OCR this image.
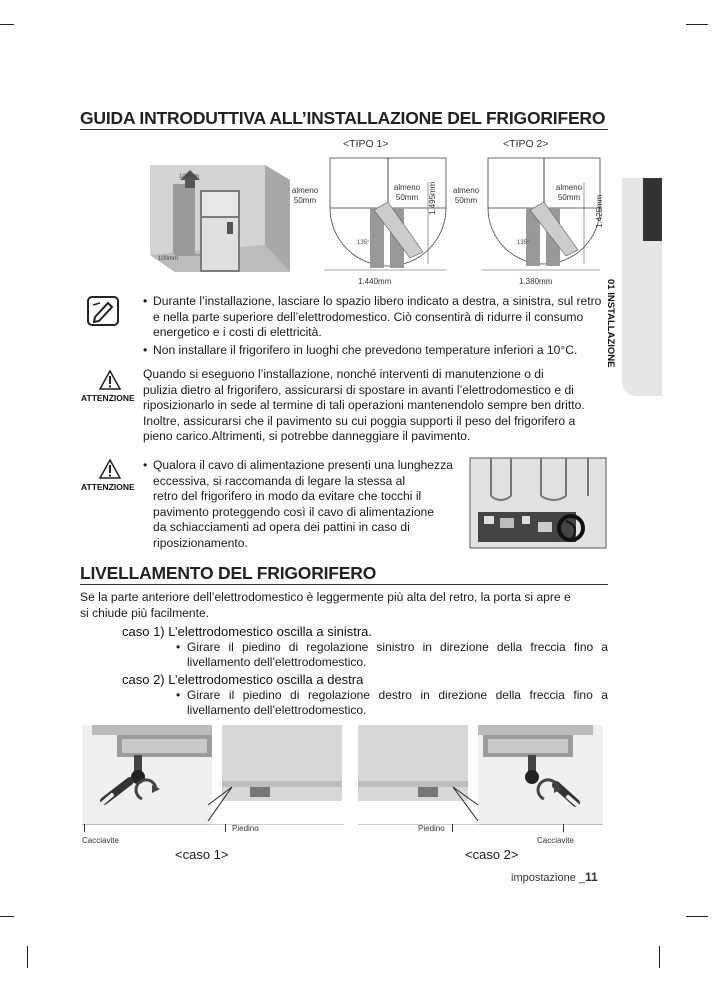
GUIDA INTRODUTTIVA ALL’INSTALLAZIONE DEL FRIGORIFERO
01 INSTALLAZIONE
100mm
100mm
<TIPO 1>	<TIPO 2>
almeno
50mm
almeno
50mm
135°
1.495mm
1.440mm
almeno
50mm
almeno
50mm
135°
1.425mm
1.380mm
• Durante l’installazione, lasciare lo spazio libero indicato a destra, a sinistra, sul retro e nella parte superiore dell’elettrodomestico. Ciò consentirà di ridurre il consumo energetico e i costi di elettricità.
• Non installare il frigorifero in luoghi che prevedono temperature inferiori a 10°C.
ATTENZIONE
Quando si eseguono l’installazione, nonché interventi di manutenzione o di
pulizia dietro al frigorifero, assicurarsi di spostare in avanti l’elettrodomestico e di
riposizionarlo in sede al termine di tali operazioni mantenendolo sempre ben dritto.
Inoltre, assicurarsi che il pavimento su cui poggia supporti il peso del frigorifero a
pieno carico.Altrimenti, si potrebbe danneggiare il pavimento.
ATTENZIONE
• Qualora il cavo di alimentazione presenti una lunghezza
eccessiva, si raccomanda di legare la stessa al
retro del frigorifero in modo da evitare che tocchi il
pavimento proteggendo così il cavo di alimentazione
da schiacciamenti ad opera dei pattini in caso di
riposizionamento.
LIVELLAMENTO DEL FRIGORIFERO
Se la parte anteriore dell’elettrodomestico è leggermente più alta del retro, la porta si apre e
si chiude più facilmente.
caso 1) L’elettrodomestico oscilla a sinistra.
• Girare il piedino di regolazione sinistro in direzione della freccia fino a livellamento dell’elettrodomestico.
caso 2) L’elettrodomestico oscilla a destra
• Girare il piedino di regolazione destro in direzione della freccia fino a livellamento dell’elettrodomestico.
Piedino
Cacciavite
<caso 1>
Piedino
Cacciavite
<caso 2>
impostazione _11
